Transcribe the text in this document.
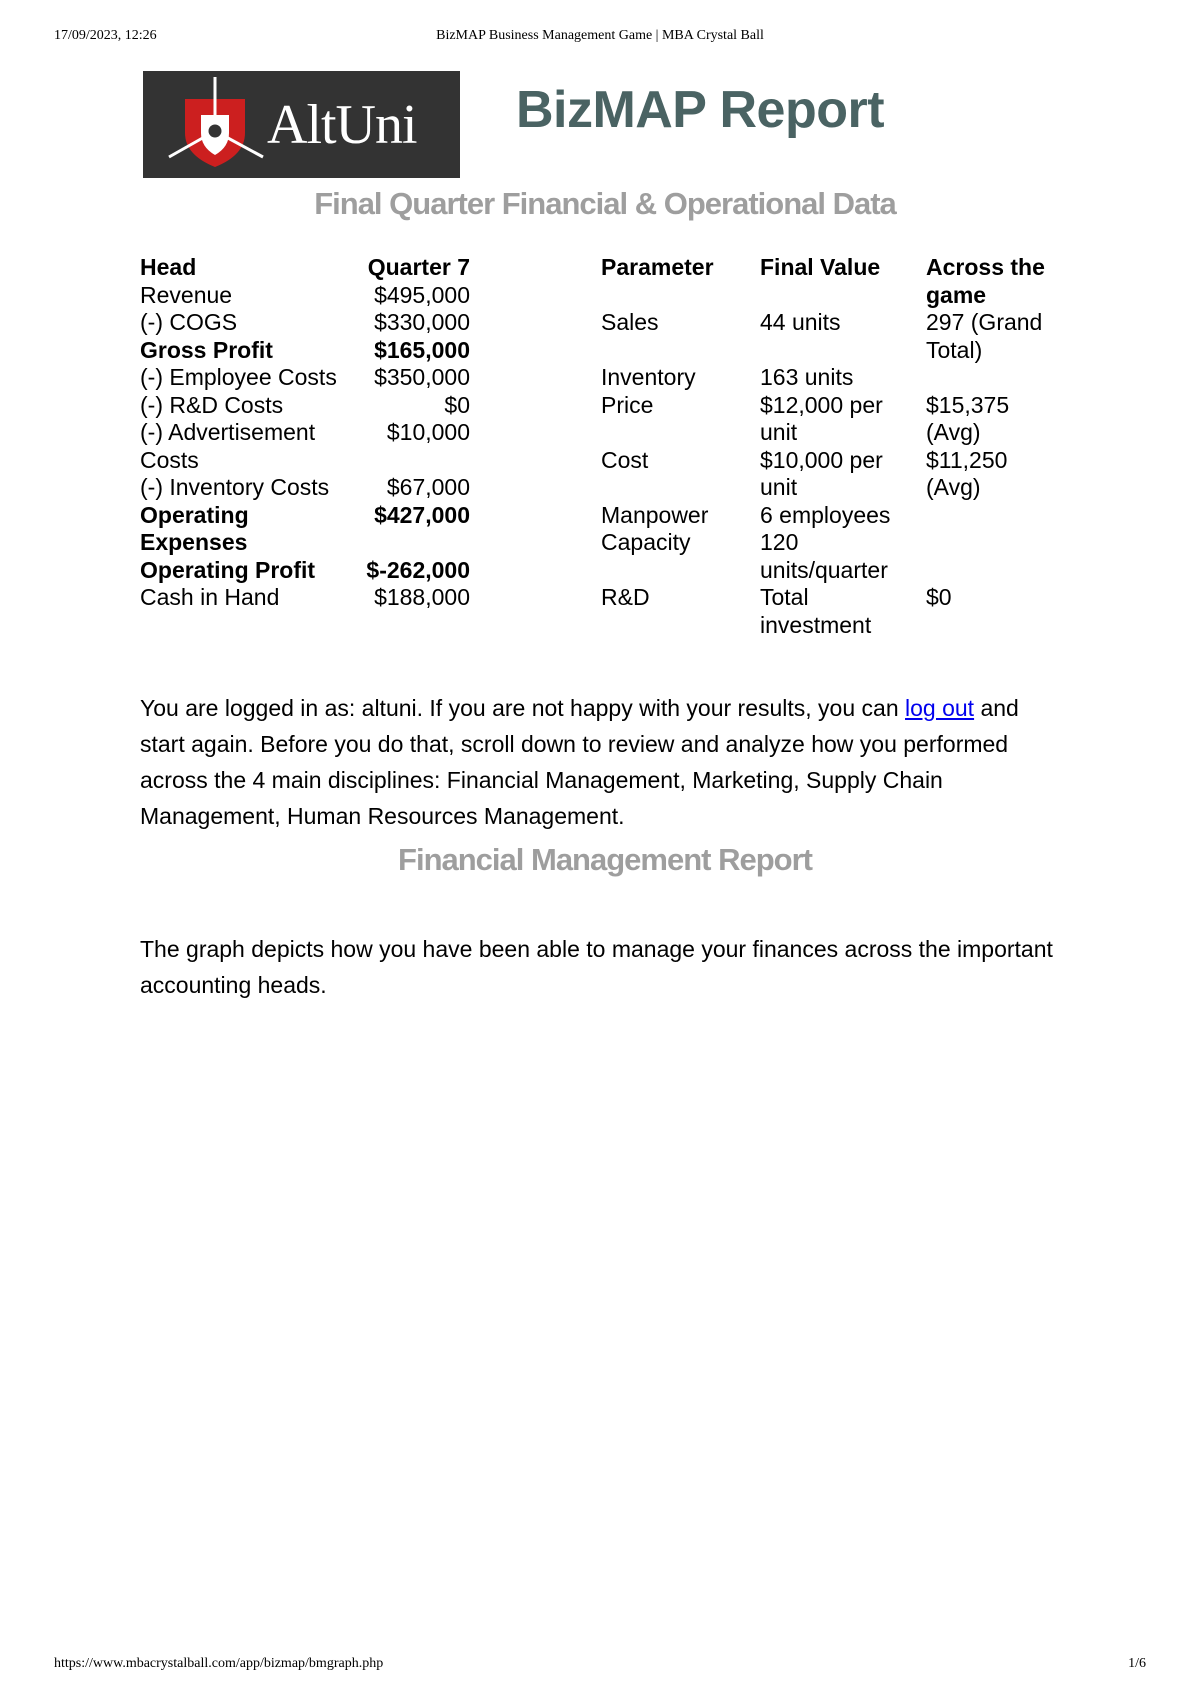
17/09/2023, 12:26	BizMAP Business Management Game | MBA Crystal Ball
AltUni	BizMAP Report
Final Quarter Financial & Operational Data
Head	Quarter 7
Revenue	$495,000
(-) COGS	$330,000
Gross Profit	$165,000
(-) Employee Costs	$350,000
(-) R&D Costs	$0
(-) Advertisement Costs	$10,000
(-) Inventory Costs	$67,000
Operating Expenses	$427,000
Operating Profit	$-262,000
Cash in Hand	$188,000
Parameter	Final Value	Across the game
Sales	44 units	297 (Grand Total)
Inventory	163 units	
Price	$12,000 per unit	$15,375 (Avg)
Cost	$10,000 per unit	$11,250 (Avg)
Manpower	6 employees	
Capacity	120 units/quarter	
R&D	Total investment	$0

You are logged in as: altuni. If you are not happy with your results, you can log out and start again. Before you do that, scroll down to review and analyze how you performed across the 4 main disciplines: Financial Management, Marketing, Supply Chain Management, Human Resources Management.

Financial Management Report

The graph depicts how you have been able to manage your finances across the important accounting heads.

https://www.mbacrystalball.com/app/bizmap/bmgraph.php	1/6
